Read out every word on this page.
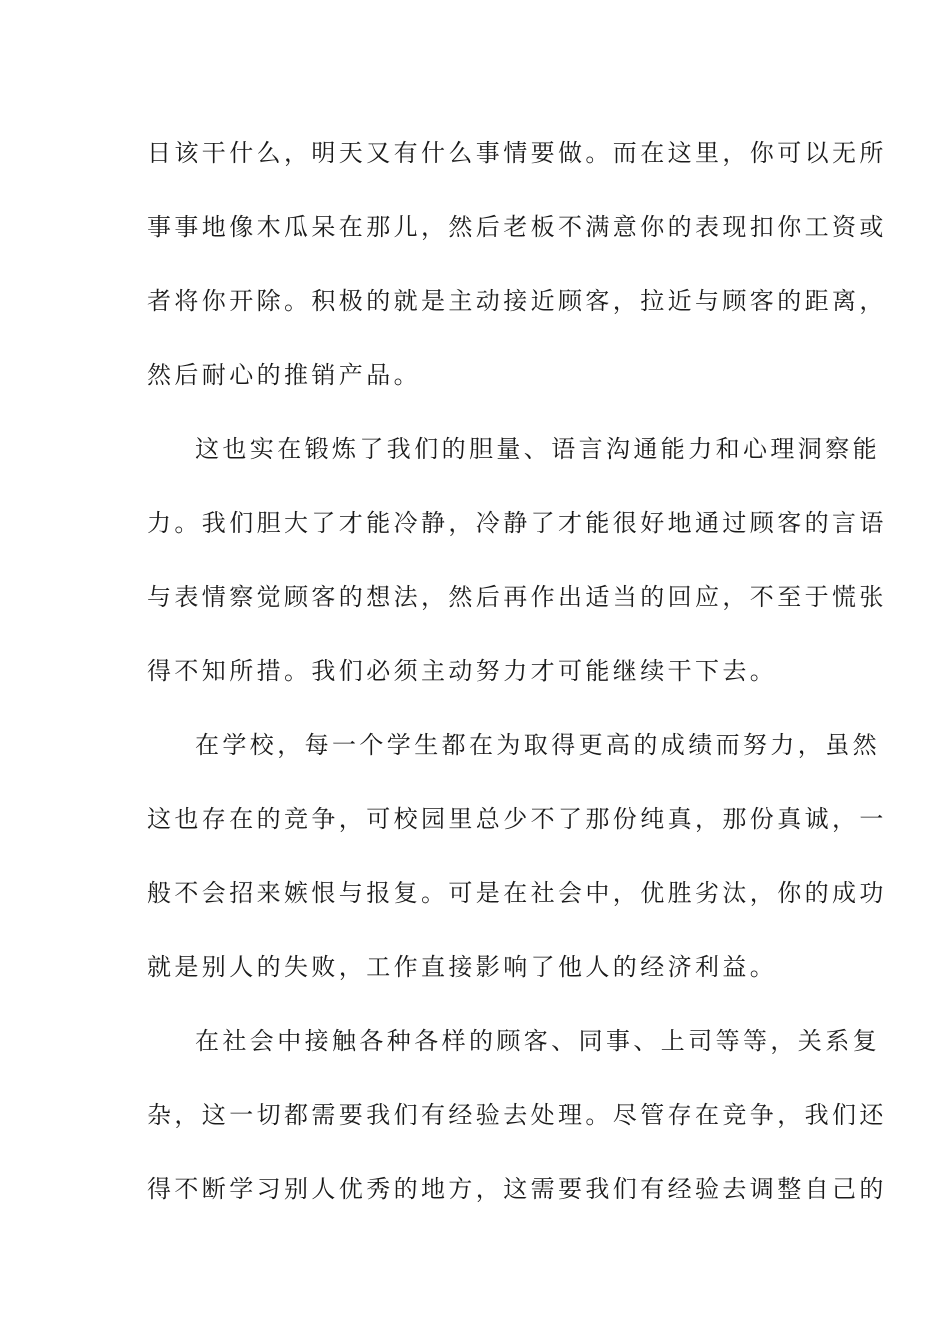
日该干什么，明天又有什么事情要做。而在这里，你可以无所

事事地像木瓜呆在那儿，然后老板不满意你的表现扣你工资或

者将你开除。积极的就是主动接近顾客，拉近与顾客的距离，

然后耐心的推销产品。

这也实在锻炼了我们的胆量、语言沟通能力和心理洞察能

力。我们胆大了才能冷静，冷静了才能很好地通过顾客的言语

与表情察觉顾客的想法，然后再作出适当的回应，不至于慌张

得不知所措。我们必须主动努力才可能继续干下去。

在学校，每一个学生都在为取得更高的成绩而努力，虽然

这也存在的竞争，可校园里总少不了那份纯真，那份真诚，一

般不会招来嫉恨与报复。可是在社会中，优胜劣汰，你的成功

就是别人的失败，工作直接影响了他人的经济利益。

在社会中接触各种各样的顾客、同事、上司等等，关系复

杂，这一切都需要我们有经验去处理。尽管存在竞争，我们还

得不断学习别人优秀的地方，这需要我们有经验去调整自己的
